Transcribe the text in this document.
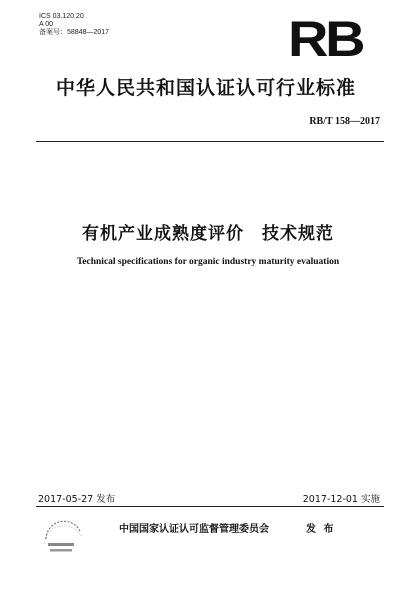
ICS 03.120.20
A 00
备案号：58848—2017	RB
中华人民共和国认证认可行业标准
RB/T 158—2017
有机产业成熟度评价　技术规范
Technical specifications for organic industry maturity evaluation
2017-05-27 发布	2017-12-01 实施
中国国家认证认可监督管理委员会	发 布
